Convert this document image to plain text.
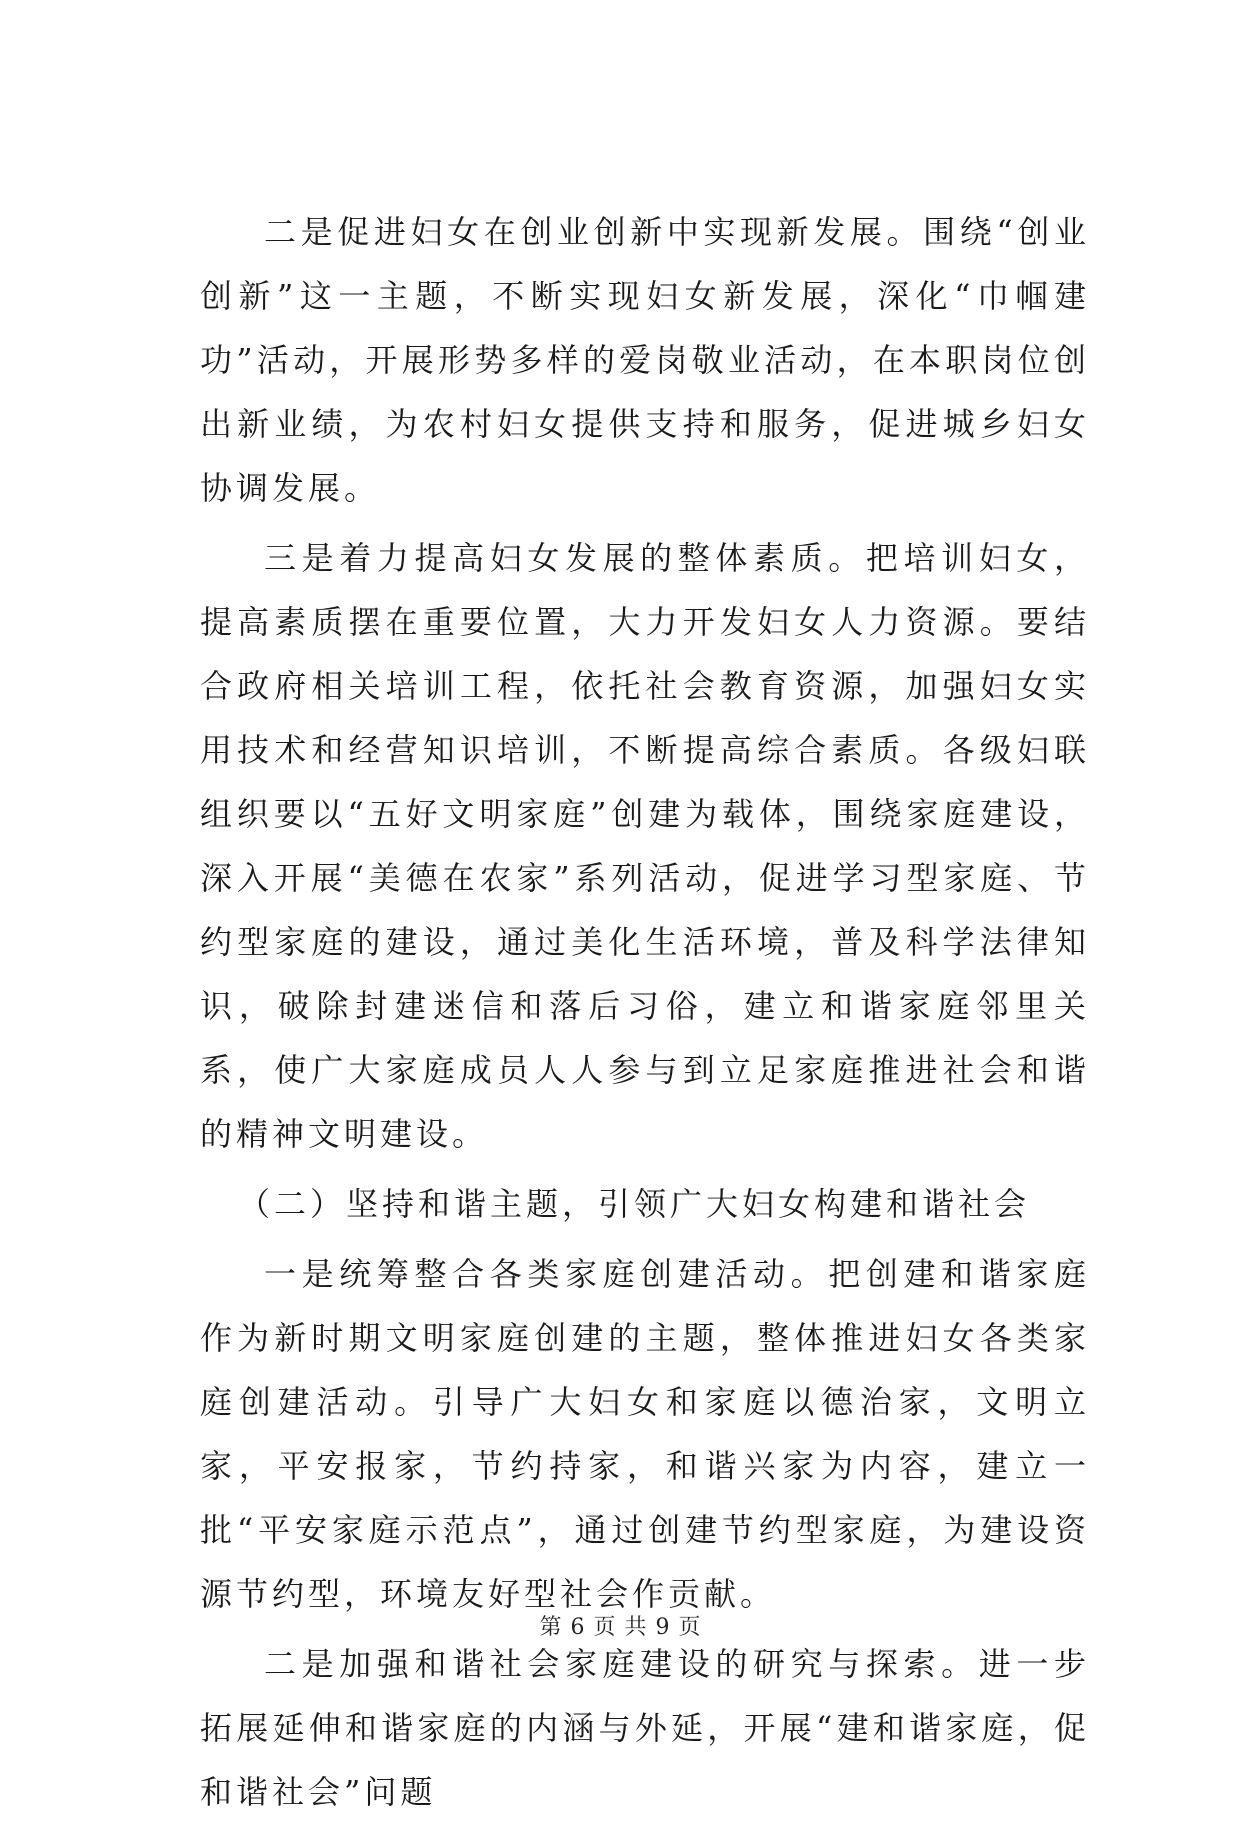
二是促进妇女在创业创新中实现新发展。围绕“创业创新”这一主题，不断实现妇女新发展，深化“巾帼建功”活动，开展形势多样的爱岗敬业活动，在本职岗位创出新业绩，为农村妇女提供支持和服务，促进城乡妇女协调发展。

三是着力提高妇女发展的整体素质。把培训妇女，提高素质摆在重要位置，大力开发妇女人力资源。要结合政府相关培训工程，依托社会教育资源，加强妇女实用技术和经营知识培训，不断提高综合素质。各级妇联组织要以“五好文明家庭”创建为载体，围绕家庭建设，深入开展“美德在农家”系列活动，促进学习型家庭、节约型家庭的建设，通过美化生活环境，普及科学法律知识，破除封建迷信和落后习俗，建立和谐家庭邻里关系，使广大家庭成员人人参与到立足家庭推进社会和谐的精神文明建设。

（二）坚持和谐主题，引领广大妇女构建和谐社会

一是统筹整合各类家庭创建活动。把创建和谐家庭作为新时期文明家庭创建的主题，整体推进妇女各类家庭创建活动。引导广大妇女和家庭以德治家，文明立家，平安报家，节约持家，和谐兴家为内容，建立一批“平安家庭示范点”，通过创建节约型家庭，为建设资源节约型，环境友好型社会作贡献。

二是加强和谐社会家庭建设的研究与探索。进一步拓展延伸和谐家庭的内涵与外延，开展“建和谐家庭，促和谐社会”问题

第 6 页 共 9 页
